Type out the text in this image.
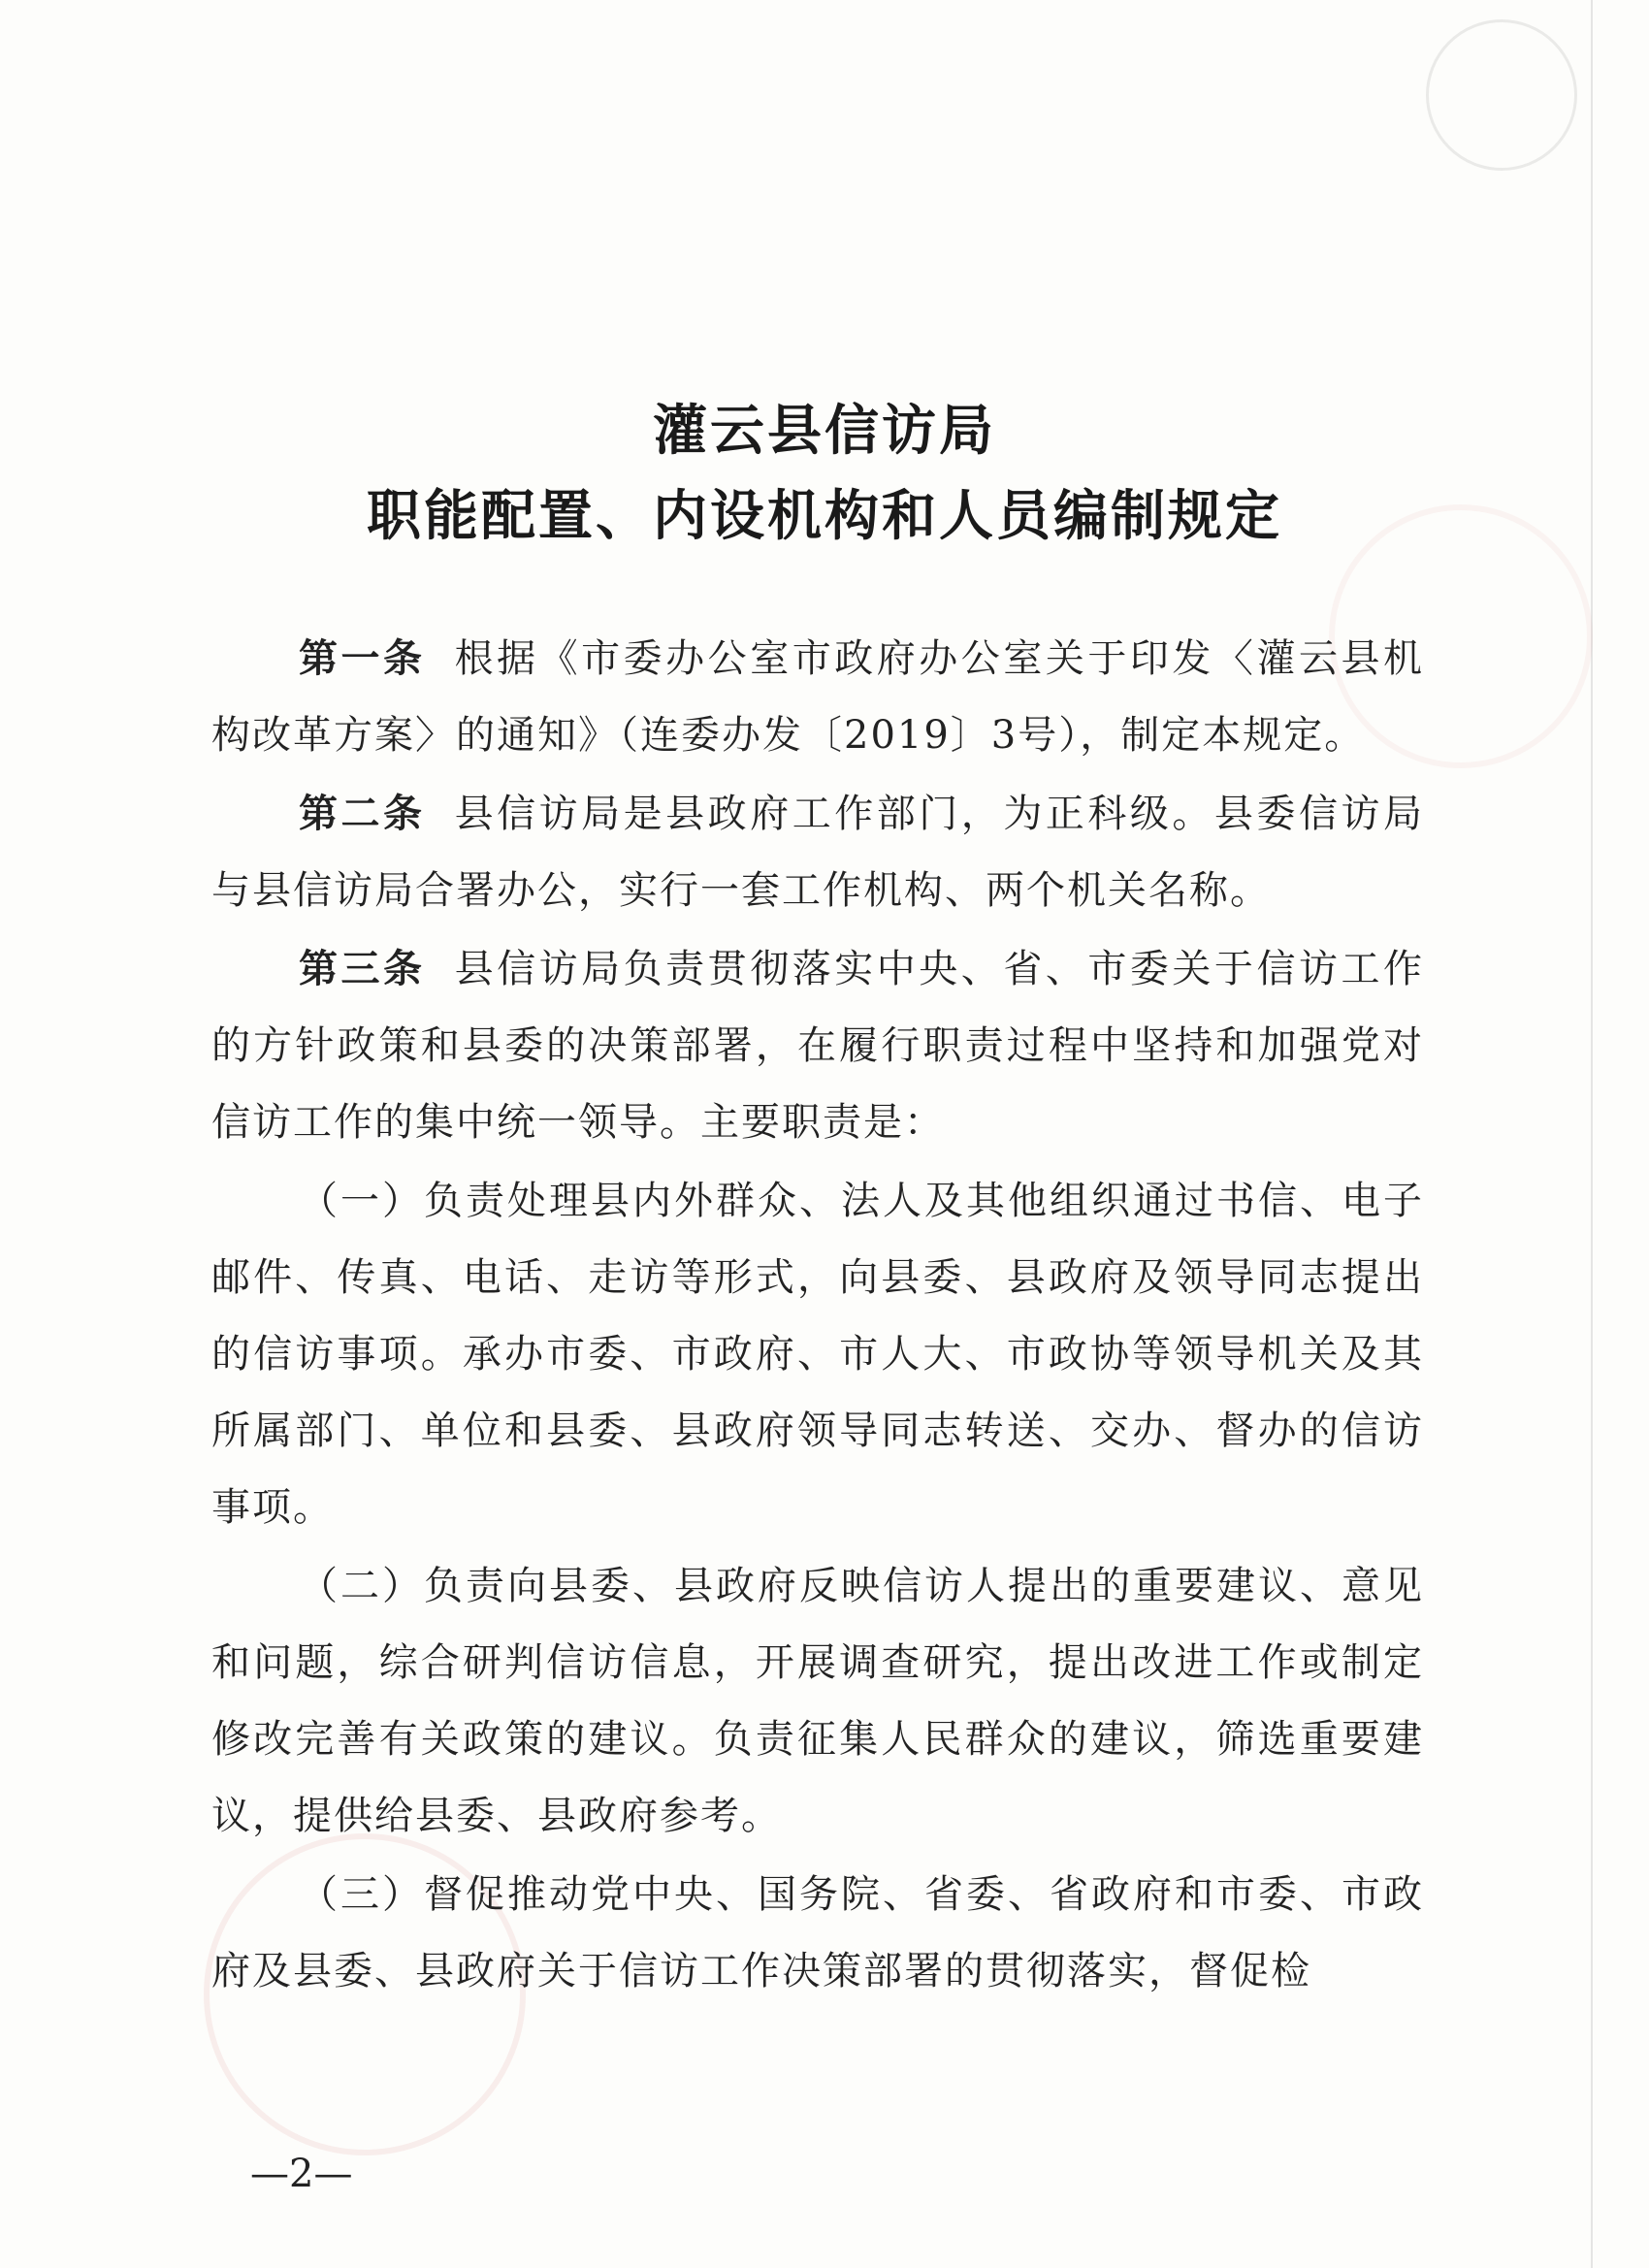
灌云县信访局
职能配置、内设机构和人员编制规定

第一条 根据《市委办公室市政府办公室关于印发〈灌云县机构改革方案〉的通知》（连委办发〔2019〕3号），制定本规定。

第二条 县信访局是县政府工作部门，为正科级。县委信访局与县信访局合署办公，实行一套工作机构、两个机关名称。

第三条 县信访局负责贯彻落实中央、省、市委关于信访工作的方针政策和县委的决策部署，在履行职责过程中坚持和加强党对信访工作的集中统一领导。主要职责是：

（一）负责处理县内外群众、法人及其他组织通过书信、电子邮件、传真、电话、走访等形式，向县委、县政府及领导同志提出的信访事项。承办市委、市政府、市人大、市政协等领导机关及其所属部门、单位和县委、县政府领导同志转送、交办、督办的信访事项。

（二）负责向县委、县政府反映信访人提出的重要建议、意见和问题，综合研判信访信息，开展调查研究，提出改进工作或制定修改完善有关政策的建议。负责征集人民群众的建议，筛选重要建议，提供给县委、县政府参考。

（三）督促推动党中央、国务院、省委、省政府和市委、市政府及县委、县政府关于信访工作决策部署的贯彻落实，督促检

—2—
